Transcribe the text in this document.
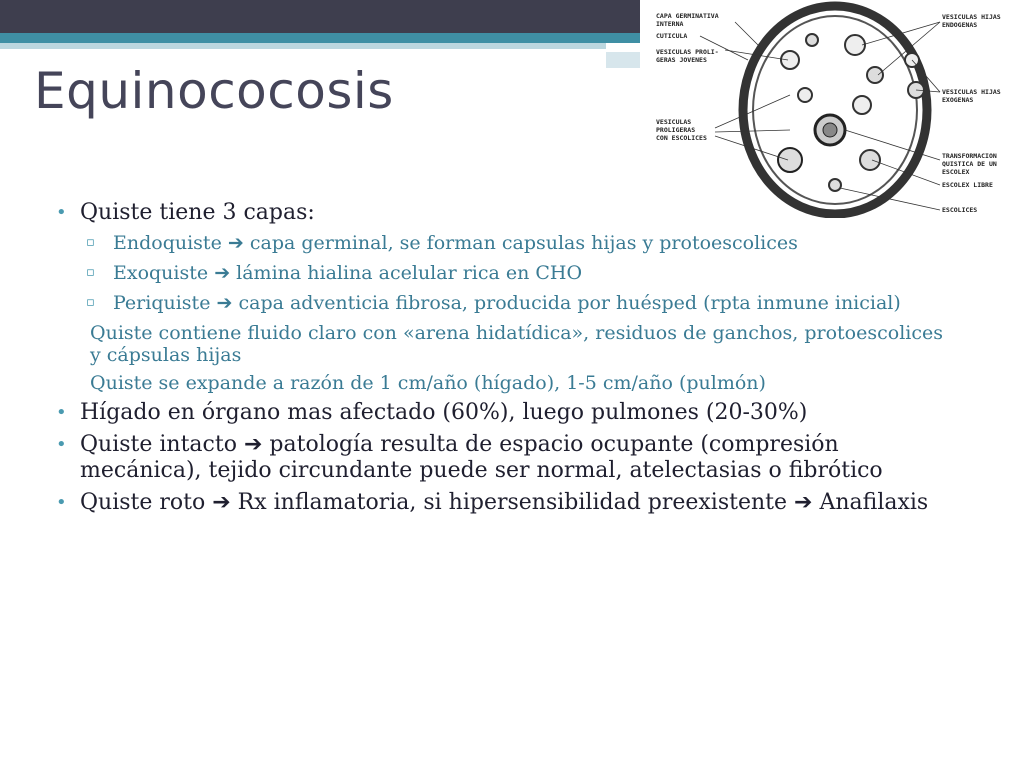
Equinococosis
CAPA GERMINATIVA
INTERNA
CUTICULA
VESICULAS PROLI-
GERAS JOVENES
VESICULAS
PROLIGERAS
CON ESCOLICES
VESICULAS HIJAS
ENDOGENAS
VESICULAS HIJAS
EXOGENAS
TRANSFORMACION
QUISTICA DE UN
ESCOLEX
ESCOLEX LIBRE
ESCOLICES
• Quiste tiene 3 capas:
▫ Endoquiste ➔ capa germinal, se forman capsulas hijas y protoescolices
▫ Exoquiste ➔ lámina hialina acelular rica en CHO
▫ Periquiste ➔ capa adventicia fibrosa, producida por huésped (rpta inmune inicial)
Quiste contiene fluido claro con «arena hidatídica», residuos de ganchos, protoescolices y cápsulas hijas
Quiste se expande a razón de 1 cm/año (hígado), 1-5 cm/año (pulmón)
• Hígado en órgano mas afectado (60%), luego pulmones (20-30%)
• Quiste intacto ➔ patología resulta de espacio ocupante (compresión mecánica), tejido circundante puede ser normal, atelectasias o fibrótico
• Quiste roto ➔ Rx inflamatoria, si hipersensibilidad preexistente ➔ Anafilaxis
